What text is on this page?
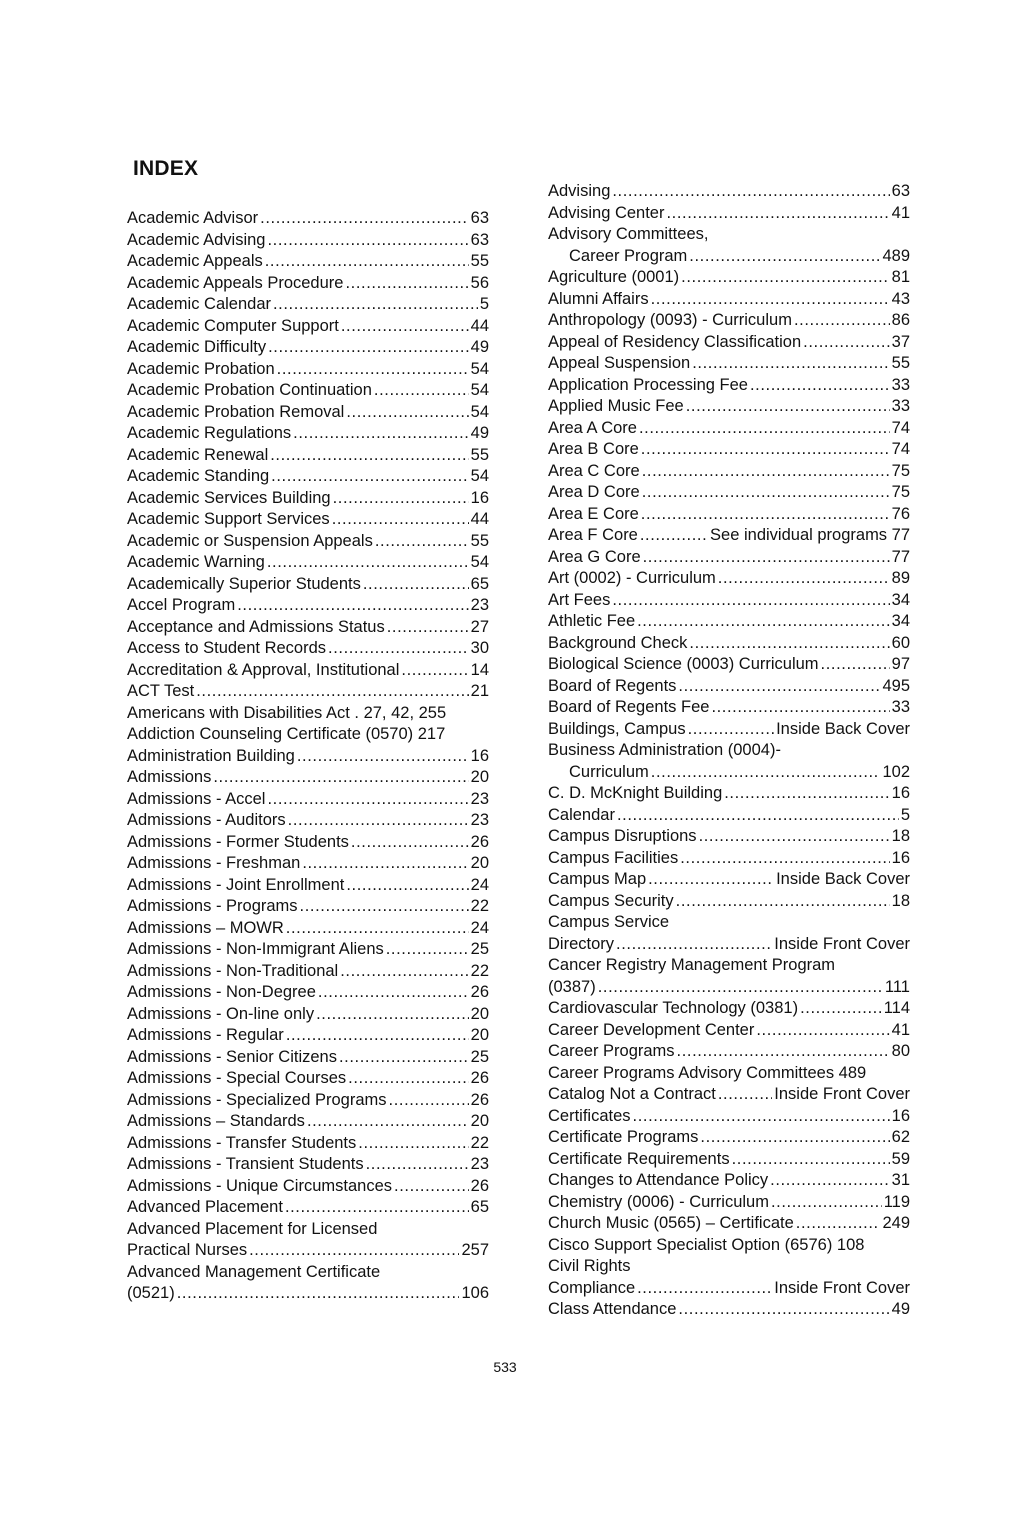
INDEX
Academic Advisor .....	63
Academic Advising .....	63
Academic Appeals .....	55
Academic Appeals Procedure .....	56
Academic Calendar .....	5
Academic Computer Support .....	44
Academic Difficulty .....	49
Academic Probation .....	54
Academic Probation Continuation .....	54
Academic Probation Removal .....	54
Academic Regulations .....	49
Academic Renewal .....	55
Academic Standing .....	54
Academic Services Building .....	16
Academic Support Services .....	44
Academic or Suspension Appeals .....	55
Academic Warning .....	54
Academically Superior Students .....	65
Accel Program .....	23
Acceptance and Admissions Status .....	27
Access to Student Records .....	30
Accreditation & Approval, Institutional .....	14
ACT Test .....	21
Americans with Disabilities Act . 27, 42, 255
Addiction Counseling Certificate (0570) 217
Administration Building .....	16
Admissions .....	20
Admissions - Accel .....	23
Admissions - Auditors .....	23
Admissions - Former Students .....	26
Admissions - Freshman .....	20
Admissions - Joint Enrollment .....	24
Admissions - Programs .....	22
Admissions – MOWR .....	24
Admissions - Non-Immigrant Aliens .....	25
Admissions - Non-Traditional .....	22
Admissions - Non-Degree .....	26
Admissions - On-line only .....	20
Admissions - Regular .....	20
Admissions - Senior Citizens .....	25
Admissions - Special Courses .....	26
Admissions - Specialized Programs .....	26
Admissions – Standards .....	20
Admissions - Transfer Students .....	22
Admissions - Transient Students .....	23
Admissions - Unique Circumstances .....	26
Advanced Placement .....	65
Advanced Placement for Licensed
Practical Nurses .....	257
Advanced Management Certificate
(0521) .....	106
Advising .....	63
Advising Center .....	41
Advisory Committees,
Career Program .....	489
Agriculture (0001) .....	81
Alumni Affairs .....	43
Anthropology (0093) - Curriculum .....	86
Appeal of Residency Classification .....	37
Appeal Suspension .....	55
Application Processing Fee .....	33
Applied Music Fee .....	33
Area A Core .....	74
Area B Core .....	74
Area C Core .....	75
Area D Core .....	75
Area E Core .....	76
Area F Core .....	See individual programs 77
Area G Core .....	77
Art (0002) - Curriculum .....	89
Art Fees .....	34
Athletic Fee .....	34
Background Check .....	60
Biological Science (0003) Curriculum .....	97
Board of Regents .....	495
Board of Regents Fee .....	33
Buildings, Campus .....	Inside Back Cover
Business Administration (0004)-
Curriculum .....	102
C. D. McKnight Building .....	16
Calendar .....	5
Campus Disruptions .....	18
Campus Facilities .....	16
Campus Map .....	Inside Back Cover
Campus Security .....	18
Campus Service
Directory .....	Inside Front Cover
Cancer Registry Management Program
(0387) .....	111
Cardiovascular Technology (0381) .....	114
Career Development Center .....	41
Career Programs .....	80
Career Programs Advisory Committees 489
Catalog Not a Contract .....	Inside Front Cover
Certificates .....	16
Certificate Programs .....	62
Certificate Requirements .....	59
Changes to Attendance Policy .....	31
Chemistry (0006) - Curriculum .....	119
Church Music (0565) – Certificate .....	249
Cisco Support Specialist Option (6576) 108
Civil Rights
Compliance .....	Inside Front Cover
Class Attendance .....	49

533
